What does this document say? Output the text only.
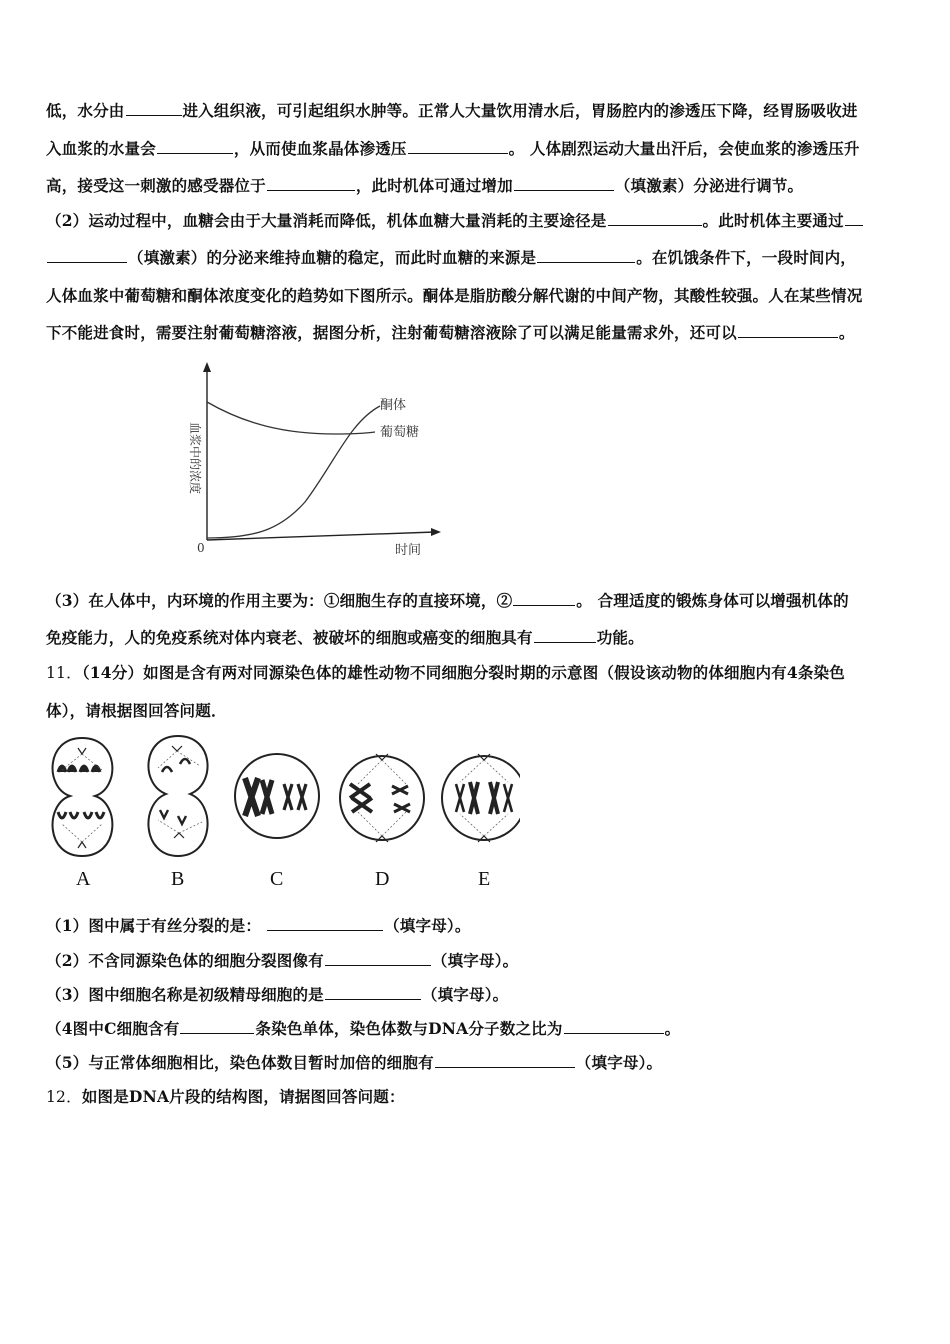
低，水分由	进入组织液，可引起组织水肿等。正常人大量饮用清水后，胃肠腔内的渗透压下降，经胃肠吸收进
入血浆的水量会	，从而使血浆晶体渗透压	。 人体剧烈运动大量出汗后，会使血浆的渗透压升
高，接受这一刺激的感受器位于	，此时机体可通过增加	（填激素）分泌进行调节。
（2）运动过程中，血糖会由于大量消耗而降低，机体血糖大量消耗的主要途径是	。此时机体主要通过
（填激素）的分泌来维持血糖的稳定，而此时血糖的来源是	。在饥饿条件下，一段时间内，
人体血浆中葡萄糖和酮体浓度变化的趋势如下图所示。酮体是脂肪酸分解代谢的中间产物，其酸性较强。人在某些情况
下不能进食时，需要注射葡萄糖溶液，据图分析，注射葡萄糖溶液除了可以满足能量需求外，还可以	。
酮体
葡萄糖
0	时间
血浆中的浓度
（3）在人体中，内环境的作用主要为：①细胞生存的直接环境，②	。 合理适度的锻炼身体可以增强机体的
免疫能力，人的免疫系统对体内衰老、被破坏的细胞或癌变的细胞具有	功能。
11．（14分）如图是含有两对同源染色体的雄性动物不同细胞分裂时期的示意图（假设该动物的体细胞内有4条染色
体），请根据图回答问题．
A	B	C	D	E
（1）图中属于有丝分裂的是：	（填字母）。
（2）不含同源染色体的细胞分裂图像有	（填字母）。
（3）图中细胞名称是初级精母细胞的是	（填字母）。
（4图中C细胞含有	条染色单体，染色体数与DNA分子数之比为	。
（5）与正常体细胞相比，染色体数目暂时加倍的细胞有	（填字母）。
12．如图是DNA片段的结构图，请据图回答问题：
